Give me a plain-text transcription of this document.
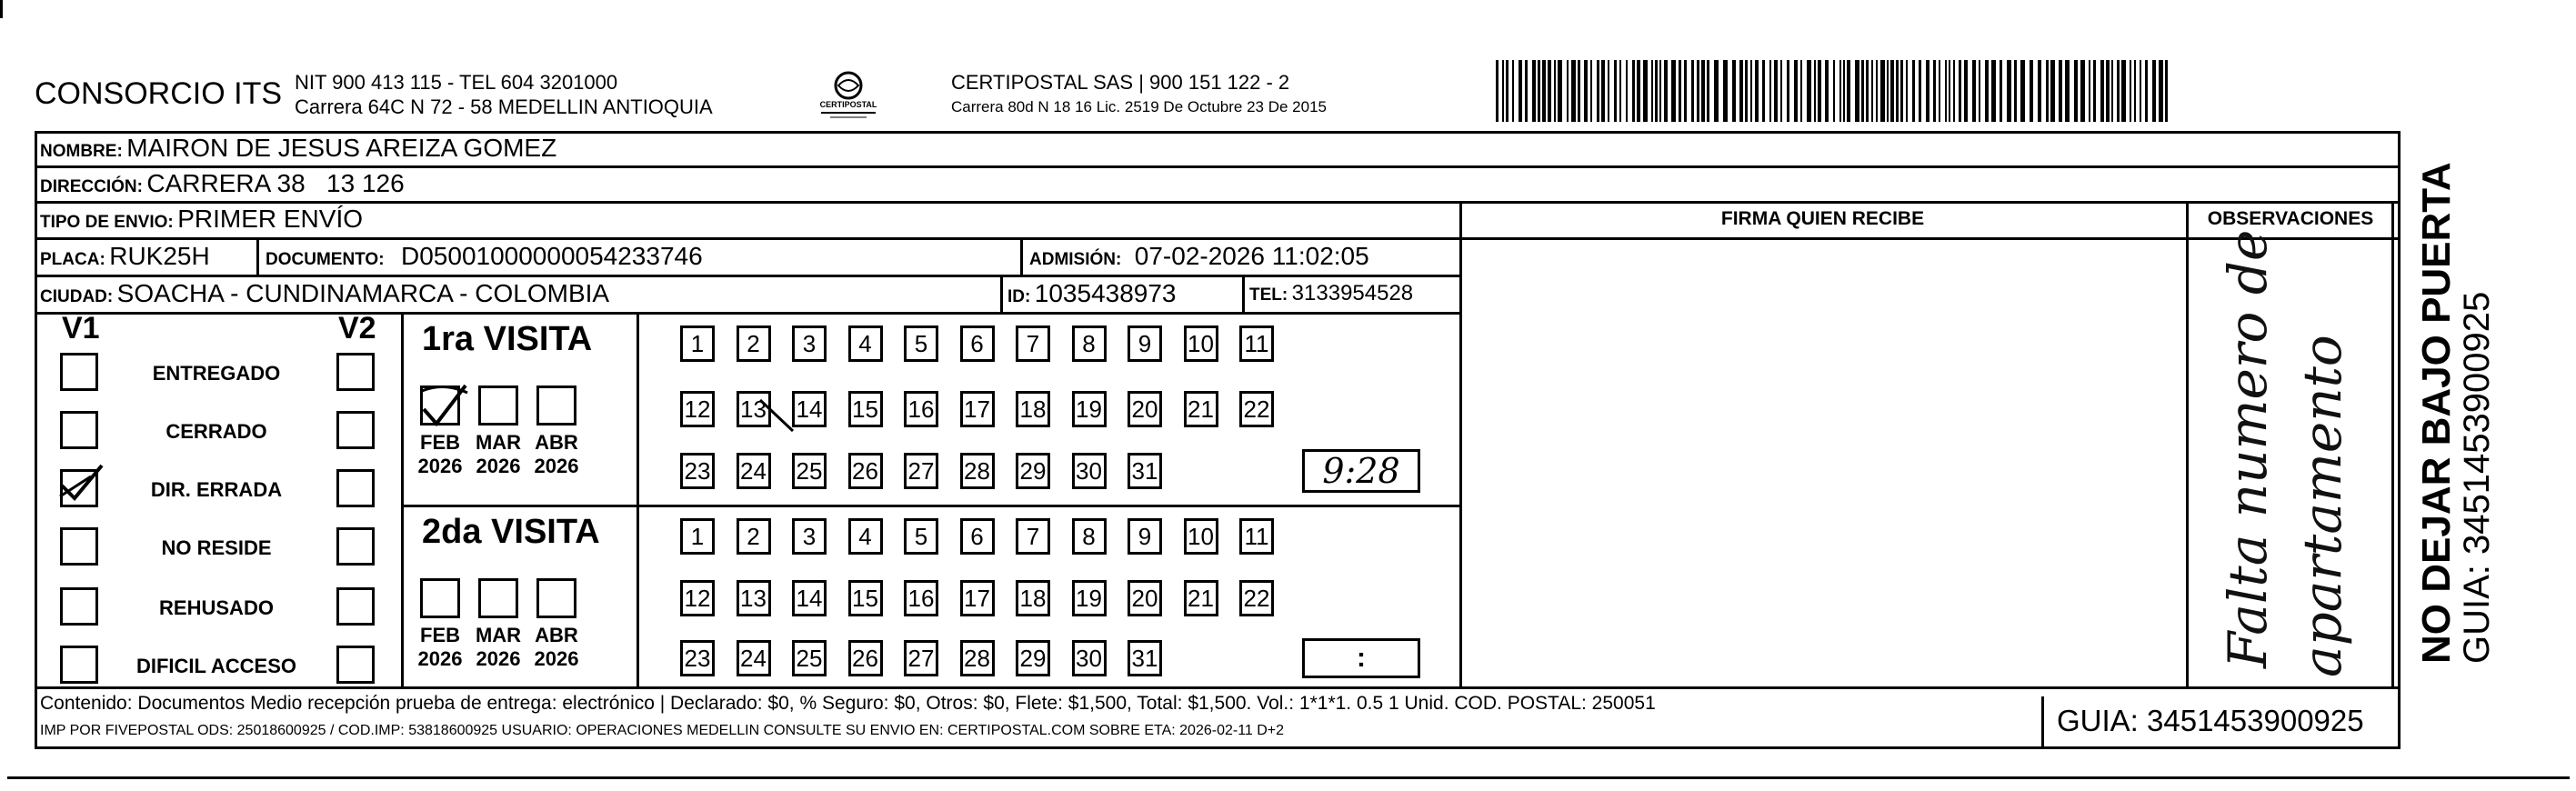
CONSORCIO ITS NIT 900 413 115 - TEL 604 3201000
Carrera 64C N 72 - 58 MEDELLIN ANTIOQUIA	CERTIPOSTAL
CERTIPOSTAL SAS | 900 151 122 - 2
Carrera 80d N 18 16 Lic. 2519 De Octubre 23 De 2015
NOMBRE: MAIRON DE JESUS AREIZA GOMEZ
DIRECCIÓN: CARRERA 38   13 126
TIPO DE ENVIO: PRIMER ENVÍO	FIRMA QUIEN RECIBE	OBSERVACIONES
PLACA: RUK25H	DOCUMENTO: D05001000000054233746	ADMISIÓN: 07-02-2026 11:02:05
CIUDAD: SOACHA - CUNDINAMARCA - COLOMBIA	ID: 1035438973	TEL: 3133954528
V1	V2
ENTREGADO
CERRADO
DIR. ERRADA
NO RESIDE
REHUSADO
DIFICIL ACCESO
1ra VISITA
FEB
2026
MAR
2026
ABR
2026
1	2	3	4	5	6	7	8	9	10 11
12 13 14 15 16 17 18 19 20 21 22
23 24 25 26 27 28 29 30 31	9:28
2da VISITA
FEB
2026
MAR
2026
ABR
2026
1	2	3	4	5	6	7	8	9	10 11
12 13 14 15 16 17 18 19 20 21 22
23 24 25 26 27 28 29 30 31	:	Falta numero de apartamento NO DEJAR BAJO PUERTA
GUIA: 3451453900925
Contenido: Documentos Medio recepción prueba de entrega: electrónico | Declarado: $0, % Seguro: $0, Otros: $0, Flete: $1,500, Total: $1,500. Vol.: 1*1*1. 0.5 1 Unid. COD. POSTAL: 250051
IMP POR FIVEPOSTAL ODS: 25018600925 / COD.IMP: 53818600925 USUARIO: OPERACIONES MEDELLIN CONSULTE SU ENVIO EN: CERTIPOSTAL.COM SOBRE ETA: 2026-02-11 D+2	GUIA: 3451453900925
